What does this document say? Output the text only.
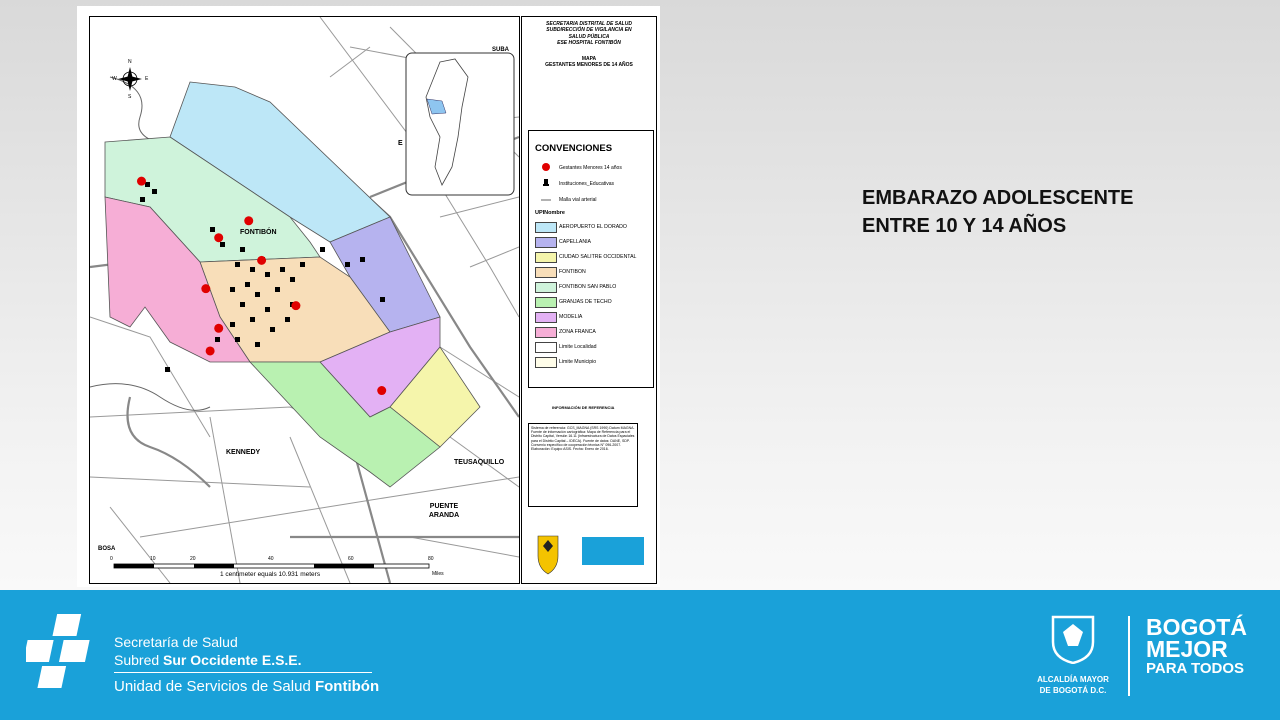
SUBA
E
FONTIBÓN
KENNEDY
TEUSAQUILLO
PUENTE ARANDA
BOSA
N
S
W	E
0	10	20	40	60	80
Miles
1 centimeter equals 10.931 meters
SECRETARIA DISTRITAL DE SALUD
SUBDIRECCIÓN DE VIGILANCIA EN
SALUD PÚBLICA
ESE HOSPITAL FONTIBÓN
MAPA
GESTANTES MENORES DE 14 AÑOS
CONVENCIONES
Gestantes Menores 14 años
Instituciones_Educativas
Malla vial arterial
UPINombre
AEROPUERTO EL DORADO
CAPELLANIA
CIUDAD SALITRE OCCIDENTAL
FONTIBON
FONTIBON SAN PABLO
GRANJAS DE TECHO
MODELIA
ZONA FRANCA
Limite Localidad
Limite Municipio
INFORMACIÓN DE REFERENCIA
Sistema de referencia: GCS_MAGNA (SRS 1990) Datum MAGNA. Fuente de información cartográfica: Mapa de Referencia para el Distrito Capital, Versión 16.11 (Infraestructura de Datos Espaciales para el Distrito Capital – IDECA). Fuente de datos: DANE, SDP. Convenio específico de cooperación técnica N° 096-2007. Elaboración: Equipo ASIS. Fecha: Enero de 2016.
EMBARAZO ADOLESCENTE
ENTRE 10 Y 14 AÑOS
Secretaría de Salud
Subred Sur Occidente E.S.E.
Unidad de Servicios de Salud Fontibón	ALCALDÍA MAYOR
DE BOGOTÁ D.C.
BOGOTÁ
MEJOR
PARA TODOS
